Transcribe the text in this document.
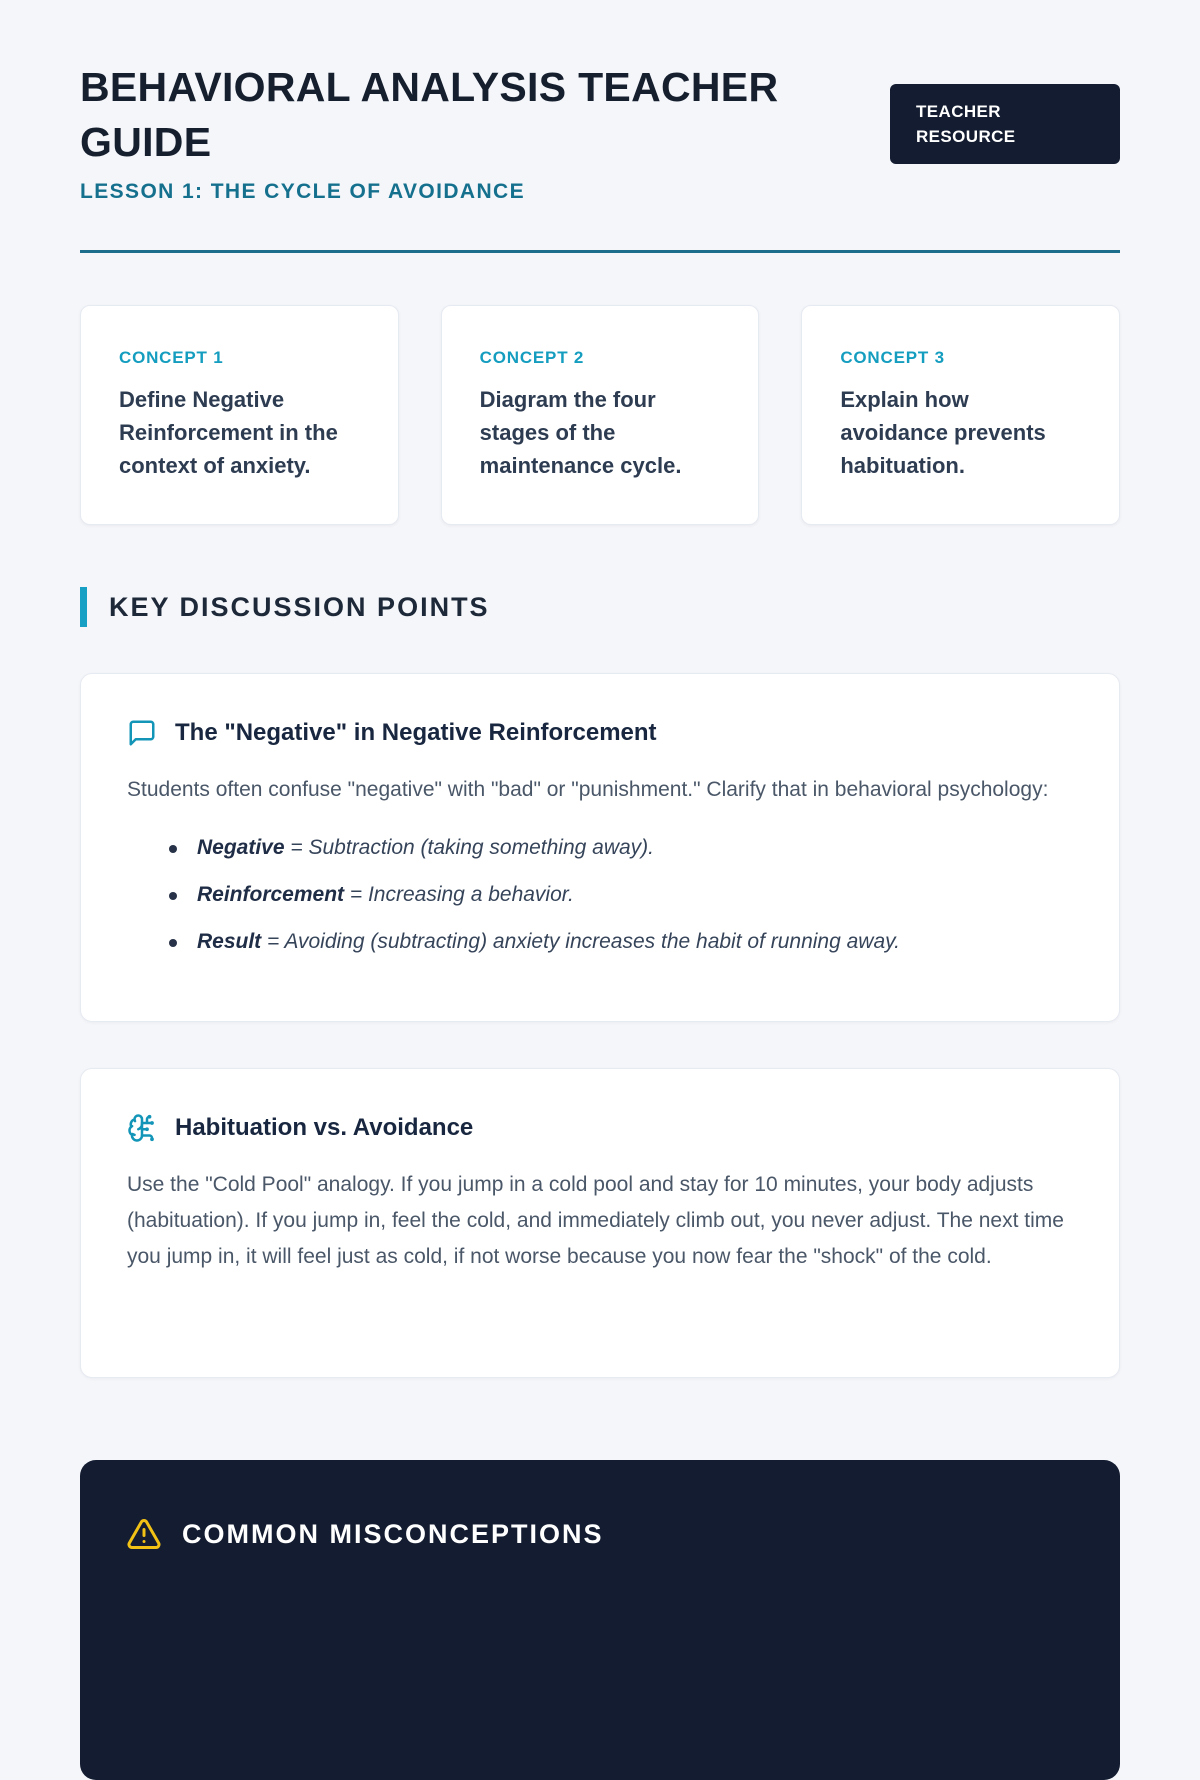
BEHAVIORAL ANALYSIS TEACHER GUIDE
LESSON 1: THE CYCLE OF AVOIDANCE
TEACHER RESOURCE
CONCEPT 1
Define Negative Reinforcement in the context of anxiety.
CONCEPT 2
Diagram the four stages of the maintenance cycle.
CONCEPT 3
Explain how avoidance prevents habituation.
KEY DISCUSSION POINTS
The "Negative" in Negative Reinforcement

Students often confuse "negative" with "bad" or "punishment." Clarify that in behavioral psychology:

Negative = Subtraction (taking something away).
Reinforcement = Increasing a behavior.
Result = Avoiding (subtracting) anxiety increases the habit of running away.
Habituation vs. Avoidance

Use the "Cold Pool" analogy. If you jump in a cold pool and stay for 10 minutes, your body adjusts (habituation). If you jump in, feel the cold, and immediately climb out, you never adjust. The next time you jump in, it will feel just as cold, if not worse because you now fear the "shock" of the cold.

COMMON MISCONCEPTIONS
